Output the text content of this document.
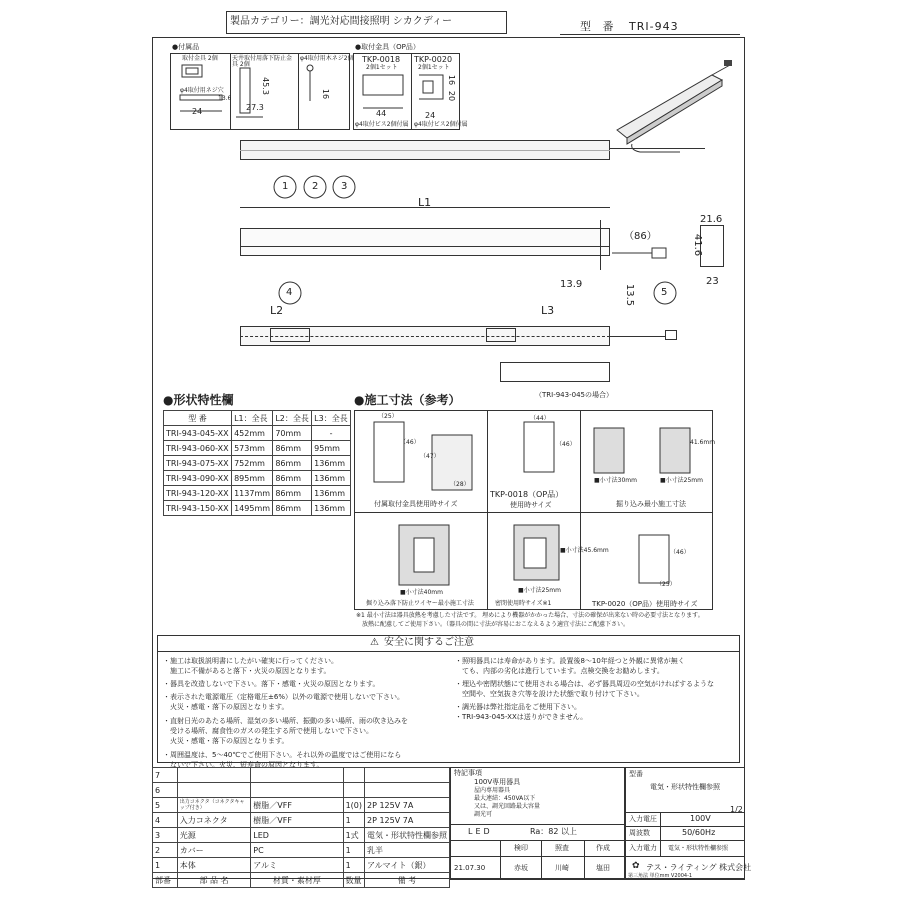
製品カテゴリー：調光対応間接照明 シカクディー	型 番 TRI-943
●付属品
取付金具 2個 天井取付用落下防止金具 2個
φ4取付用木ネジ2個
24
13.6
φ4取付用ネジ穴	45.3
27.3
16
●取付金具（OP品）
TKP-0018
2個1セット
TKP-0020
2個1セット
44
φ4取付ビス2個付属
16
20
24
φ4取付ビス2個付属
1 2 3
L1
（86）
21.6
41.6
23
13.9	13.5
4	5
L2	L3
（TRI-943-045の場合）
●形状特性欄
型 番	L1：全長	L2：全長	L3：全長
TRI-943-045-XX	452mm	70mm	-
TRI-943-060-XX	573mm	86mm	95mm
TRI-943-075-XX	752mm	86mm	136mm
TRI-943-090-XX	895mm	86mm	136mm
TRI-943-120-XX	1137mm	86mm	136mm
TRI-943-150-XX	1495mm	86mm	136mm
●施工寸法（参考）
（25）
（46）
（47）
（28）
（44）
（46）
■小寸法30mm	■小寸法25mm
41.6mm
■小寸法40mm	■小寸法25mm
（46）
（25）
■小寸法45.6mm
付属取付金具使用時サイズ
TKP-0018（OP品）
使用時サイズ	掘り込み最小施工寸法
掘り込み落下防止ワイヤー最小施工寸法	密閉使用時サイズ※1	TKP-0020（OP品）使用時サイズ
※1 最小寸法は器具放熱を考慮した寸法です。 埋めにより機器がかかった場合、寸法の確保が出来ない時の必要寸法となります。
放熱に配慮してご使用下さい。（器具の間に寸法が容易におこなえるよう適宜寸法にご配慮下さい。
⚠ 安全に関するご注意
・施工は取扱説明書にしたがい確実に行ってください。
　施工に不備があると落下・火災の原因となります。
・器具を改造しないで下さい。落下・感電・火災の原因となります。
・表示された電源電圧（定格電圧±6%）以外の電源で使用しないで下さい。
　火災・感電・落下の原因となります。
・直射日光のあたる場所、湿気の多い場所、振動の多い場所、雨の吹き込みを
　受ける場所、腐食性のガスの発生する所で使用しないで下さい。
　火災・感電・落下の原因となります。
・周囲温度は、5～40℃でご使用下さい。それ以外の温度ではご使用になら
　ないで下さい。火災、短寿命の原因となります。
・照明器具には寿命があります。設置後8～10年経つと外観に異常が無く
　ても、内部の劣化は進行しています。点検交換をお勧めします。
・埋込や密閉状態にて使用される場合は、必ず器具周辺の空気がければするような
　空間や、空気抜き穴等を設けた状態で取り付けて下さい。
・調光器は弊社指定品をご使用下さい。
・TRI-943-045-XXは送りができません。
7				
6				
5	出力コネクタ（コネクタキャップ付き）	樹脂／VFF	1(0)	2P 125V 7A
4	入力コネクタ	樹脂／VFF	1	2P 125V 7A
3	光源	LED	1式	電気・形状特性欄参照
2	カバー	PC	1	乳半
1	本体	アルミ	1	アルマイト（銀）
部番	部 品 名	材質・素材厚	数量	備 考
特記事項
100V専用器具
屋内専用器具
最大連結：450VA以下
又は、調光回路最大容量
調光可
LED	Ra：82 以上
検印	照査	作成
21.07.30	赤坂	川崎	塩田
型番
電気・形状特性欄参照
1/2
入力電圧	100V
周波数	50/60Hz
入力電力 電気・形状特性欄参照
✿ テス・ライティング 株式会社
第三角法 単位mm V2004-1
